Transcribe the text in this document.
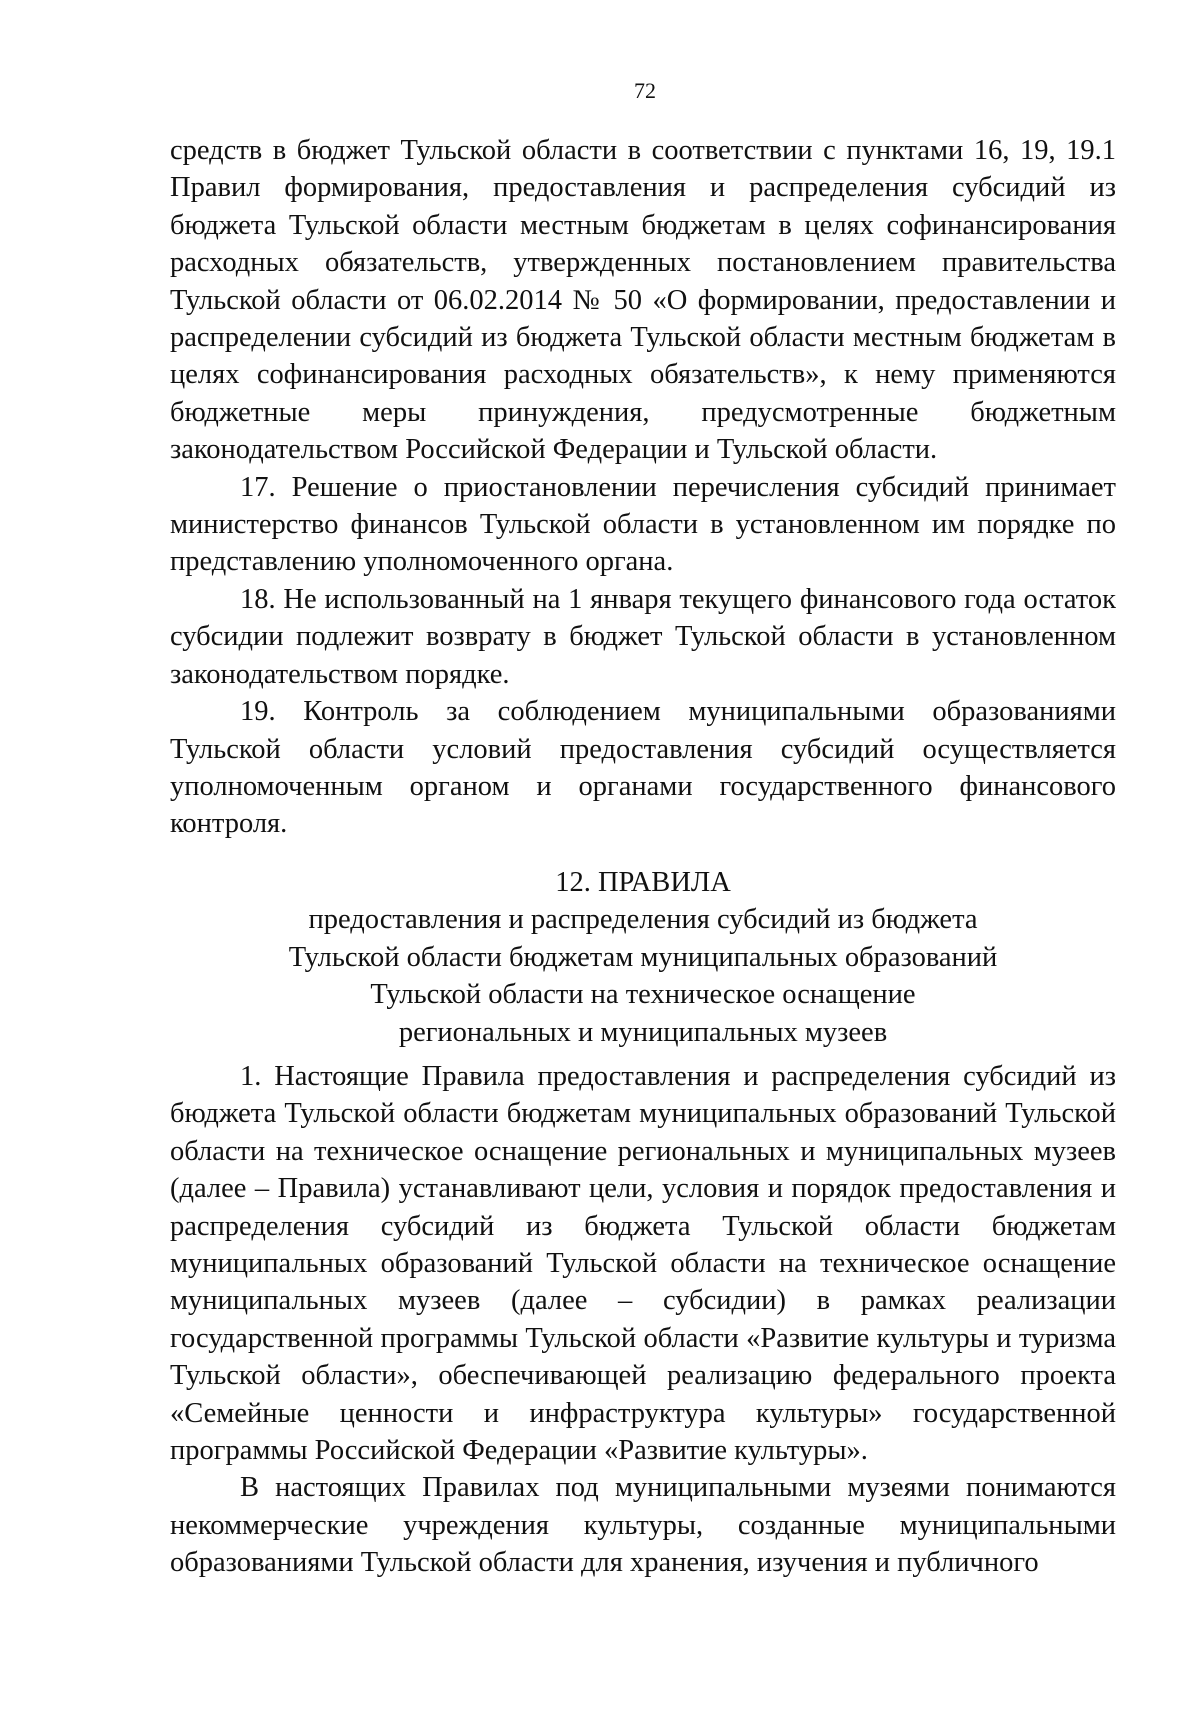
72

средств в бюджет Тульской области в соответствии с пунктами 16, 19, 19.1 Правил формирования, предоставления и распределения субсидий из бюджета Тульской области местным бюджетам в целях софинансирования расходных обязательств, утвержденных постановлением правительства Тульской области от 06.02.2014 № 50 «О формировании, предоставлении и распределении субсидий из бюджета Тульской области местным бюджетам в целях софинансирования расходных обязательств», к нему применяются бюджетные меры принуждения, предусмотренные бюджетным законодательством Российской Федерации и Тульской области.

17. Решение о приостановлении перечисления субсидий принимает министерство финансов Тульской области в установленном им порядке по представлению уполномоченного органа.

18. Не использованный на 1 января текущего финансового года остаток субсидии подлежит возврату в бюджет Тульской области в установленном законодательством порядке.

19. Контроль за соблюдением муниципальными образованиями Тульской области условий предоставления субсидий осуществляется уполномоченным органом и органами государственного финансового контроля.

12. ПРАВИЛА
предоставления и распределения субсидий из бюджета
Тульской области бюджетам муниципальных образований
Тульской области на техническое оснащение
региональных и муниципальных музеев

1. Настоящие Правила предоставления и распределения субсидий из бюджета Тульской области бюджетам муниципальных образований Тульской области на техническое оснащение региональных и муниципальных музеев (далее – Правила) устанавливают цели, условия и порядок предоставления и распределения субсидий из бюджета Тульской области бюджетам муниципальных образований Тульской области на техническое оснащение муниципальных музеев (далее – субсидии) в рамках реализации государственной программы Тульской области «Развитие культуры и туризма Тульской области», обеспечивающей реализацию федерального проекта «Семейные ценности и инфраструктура культуры» государственной программы Российской Федерации «Развитие культуры».

В настоящих Правилах под муниципальными музеями понимаются некоммерческие учреждения культуры, созданные муниципальными образованиями Тульской области для хранения, изучения и публичного
